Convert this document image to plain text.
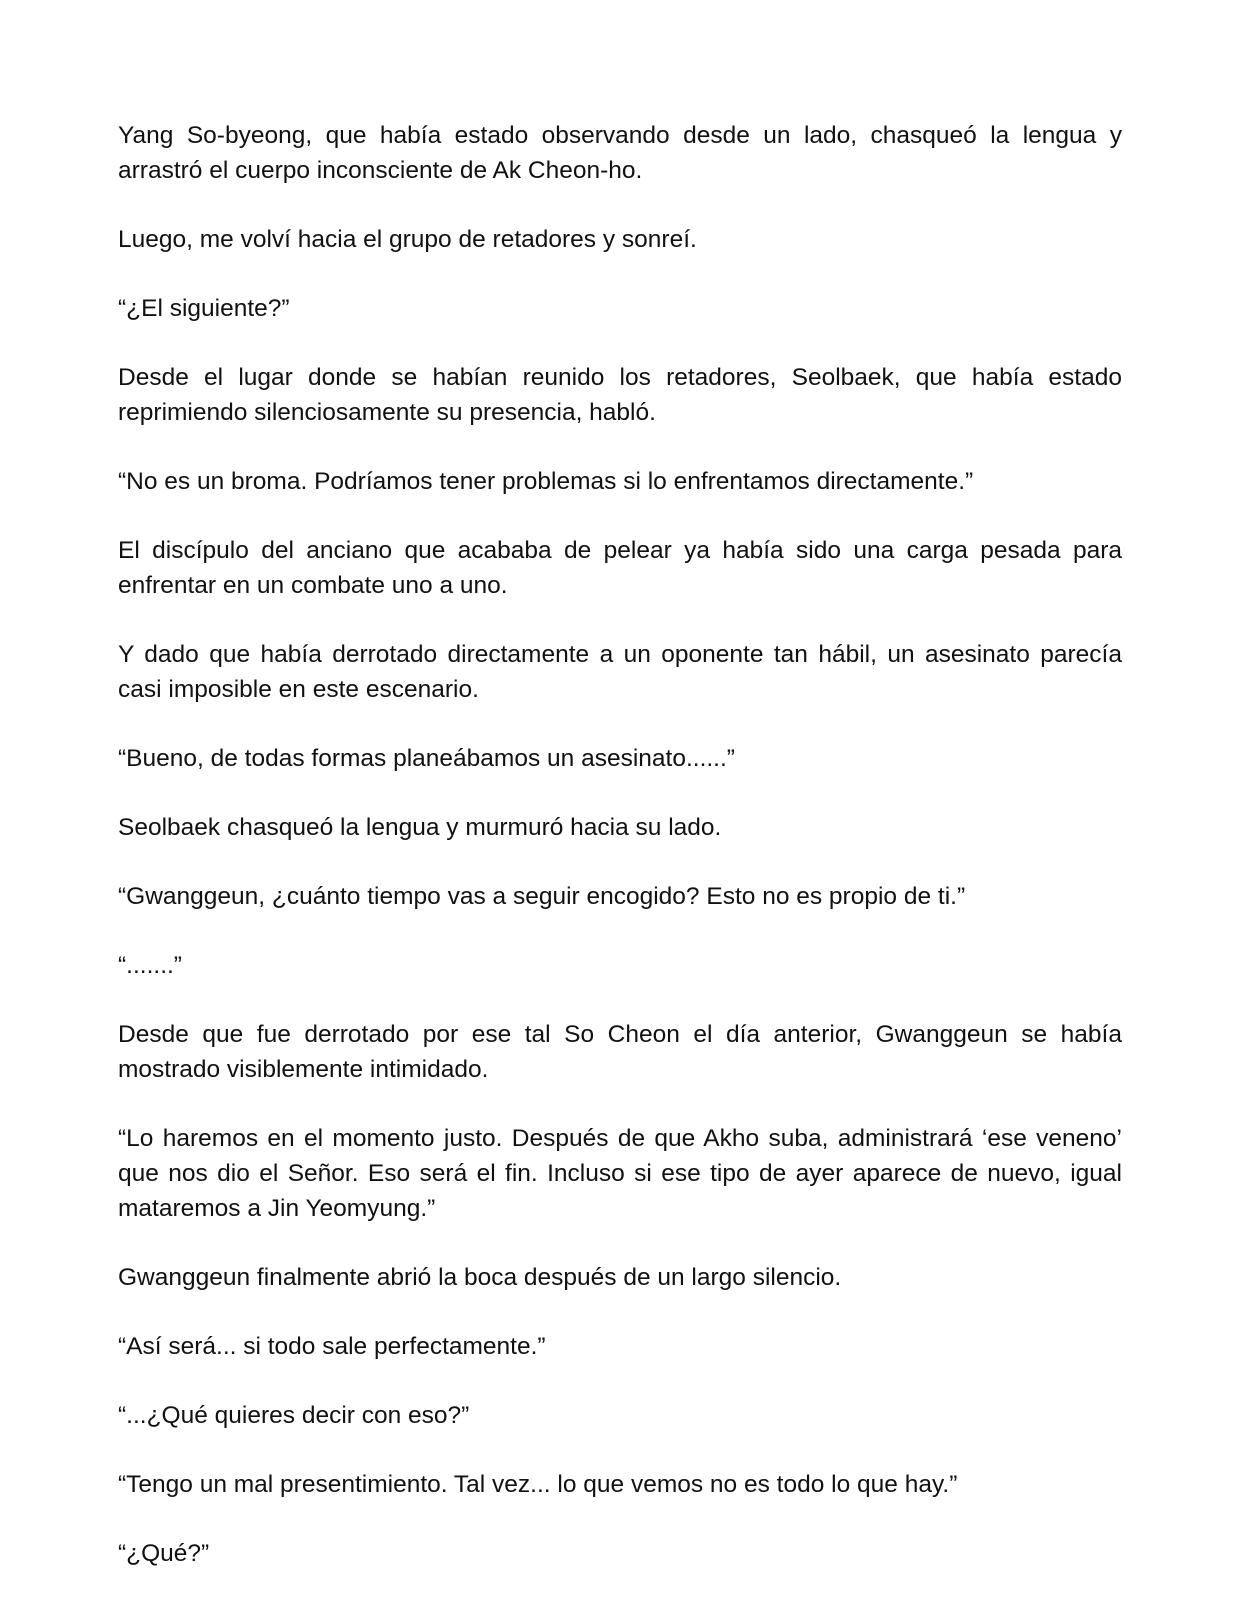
Yang So-byeong, que había estado observando desde un lado, chasqueó la lengua y arrastró el cuerpo inconsciente de Ak Cheon-ho.

Luego, me volví hacia el grupo de retadores y sonreí.

“¿El siguiente?”

Desde el lugar donde se habían reunido los retadores, Seolbaek, que había estado reprimiendo silenciosamente su presencia, habló.

“No es un broma. Podríamos tener problemas si lo enfrentamos directamente.”

El discípulo del anciano que acababa de pelear ya había sido una carga pesada para enfrentar en un combate uno a uno.

Y dado que había derrotado directamente a un oponente tan hábil, un asesinato parecía casi imposible en este escenario.

“Bueno, de todas formas planeábamos un asesinato......”

Seolbaek chasqueó la lengua y murmuró hacia su lado.

“Gwanggeun, ¿cuánto tiempo vas a seguir encogido? Esto no es propio de ti.”

“.......”

Desde que fue derrotado por ese tal So Cheon el día anterior, Gwanggeun se había mostrado visiblemente intimidado.

“Lo haremos en el momento justo. Después de que Akho suba, administrará ‘ese veneno’ que nos dio el Señor. Eso será el fin. Incluso si ese tipo de ayer aparece de nuevo, igual mataremos a Jin Yeomyung.”

Gwanggeun finalmente abrió la boca después de un largo silencio.

“Así será... si todo sale perfectamente.”

“...¿Qué quieres decir con eso?”

“Tengo un mal presentimiento. Tal vez... lo que vemos no es todo lo que hay.”

“¿Qué?”
